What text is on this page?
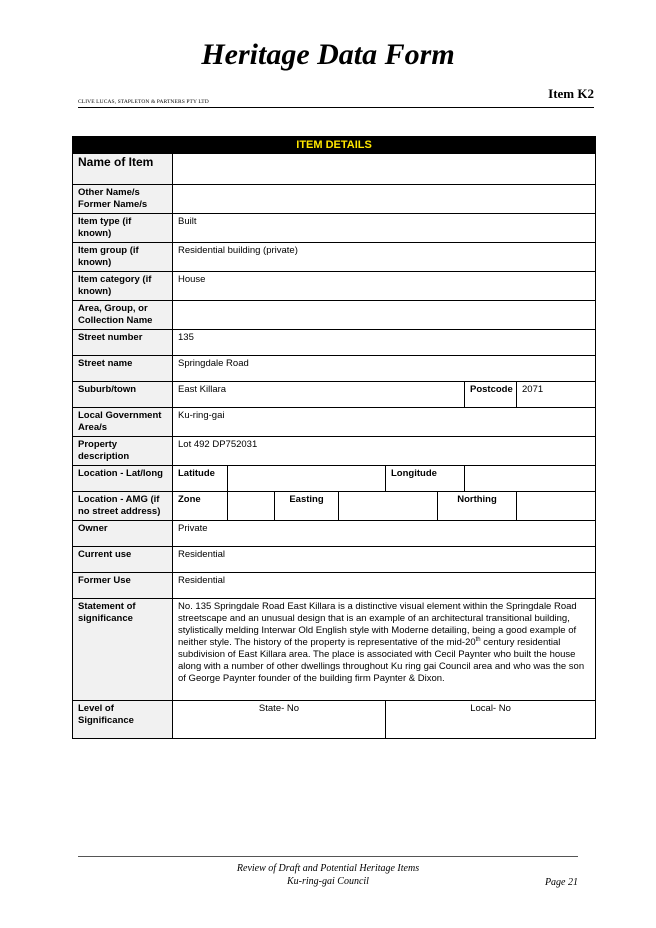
Heritage Data Form
Item K2
CLIVE LUCAS, STAPLETON & PARTNERS PTY LTD
ITEM DETAILS								
Name of Item								
Other Name/s Former Name/s								
Item type (if known)	Built							
Item group (if known)	Residential building (private)							
Item category (if known)	House							
Area, Group, or Collection Name								
Street number	135							
Street name	Springdale Road							
Suburb/town	East Killara						Postcode	2071
Local Government Area/s	Ku-ring-gai							
Property description	Lot 492 DP752031							
Location - Lat/long	Latitude				Longitude			
Location - AMG (if no street address)	Zone		Easting			Northing		
Owner	Private							
Current use	Residential							
Former Use	Residential							
Statement of significance	No. 135 Springdale Road East Killara is a distinctive visual element within the Springdale Road streetscape and an unusual design that is an example of an architectural transitional building, stylistically melding Interwar Old English style with Moderne detailing, being a good example of neither style. The history of the property is representative of the mid-20th century residential subdivision of East Killara area. The place is associated with Cecil Paynter who built the house along with a number of other dwellings throughout Ku ring gai Council area and who was the son of George Paynter founder of the building firm Paynter & Dixon.							
Level of Significance	State- No				Local- No			
Review of Draft and Potential Heritage Items
Ku-ring-gai Council	Page 21
